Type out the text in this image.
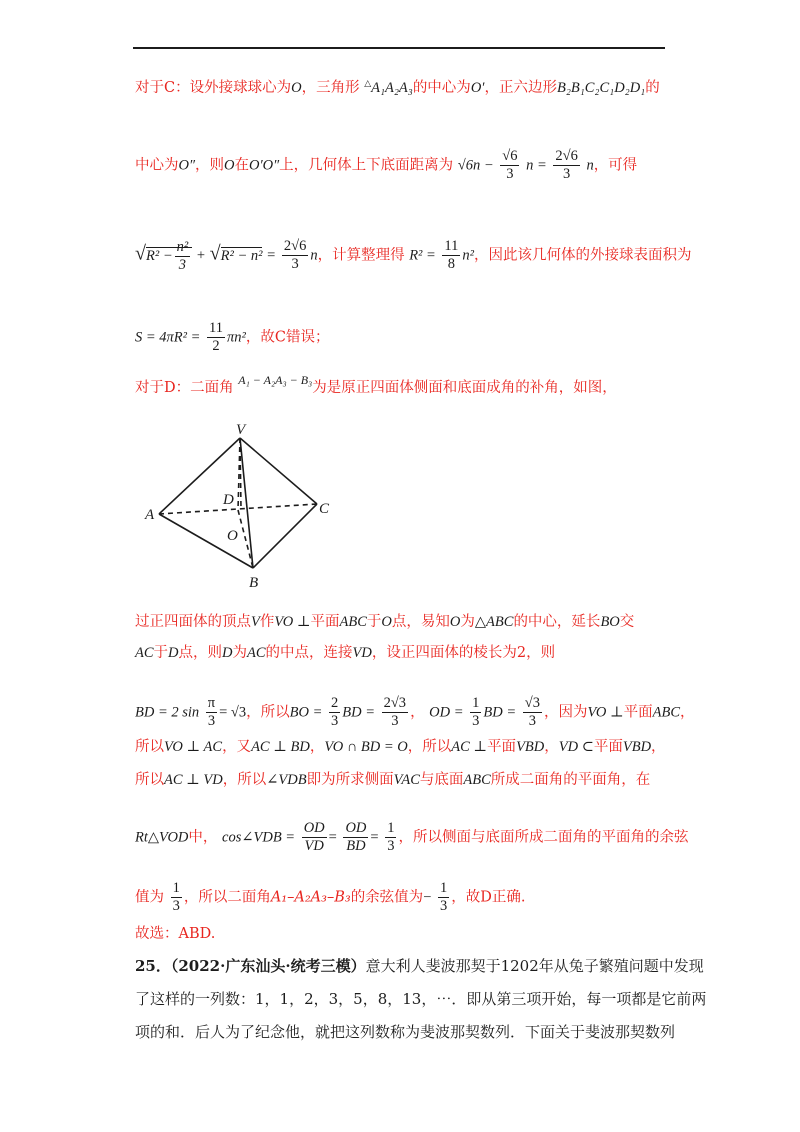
对于C：设外接球球心为O，三角形 △A₁A₂A₃的中心为O′，正六边形B₂B₁C₂C₁D₂D₁的
中心为O″，则O在O′O″上，几何体上下底面距离为 $√6n - \frac{√6}{3}$ $n = \frac{2√6}{3}$ n，可得
$√R^2 - \frac{\text{n²}}{3} + √R^2 - n^2 = \frac{2√6}{3}$ n，计算整理得 $R^2 = \frac{11}{8} n^2$，因此该几何体的外接球表面积为
$S = 4\pi R^2 = \frac{11}{2} \pi n^2$，故C错误；
对于D：二面角 $^{A_1 - A_2A_3 - B_3}$为是原正四面体侧面和底面成角的补角，如图，
V
A	C
B
D
O
过正四面体的顶点V作VO ⊥平面ABC于O点，易知O为△ABC的中心，延长BO交
AC于D点，则D为AC的中点，连接VD，设正四面体的棱长为2，则
BD = 2 $\sin \frac{\pi}{3} = √3$，所以BO = $\frac{2}{3}$ BD = $\frac{2√3}{3}$ ， OD = $\frac{1}{3}$ BD = $\frac{√3}{3}$ ，因为VO ⊥平面ABC，
所以VO ⊥ AC，又AC ⊥ BD，VO ∩ BD = O，所以AC ⊥平面VBD，VD ⊂平面VBD，
所以AC ⊥ VD，所以∠VDB即为所求侧面VAC与底面ABC所成二面角的平面角，在
Rt△VOD中， cos∠VDB = $\frac{OD}{VD} = \frac{OD}{BD} = \frac{1}{3}$ ，所以侧面与底面所成二面角的平面角的余弦
值为 $\frac{1}{3}$ ，所以二面角A₁–A₂A₃–B₃的余弦值为− $\frac{1}{3}$ ，故D正确.
故选：ABD.
25．（2022·广东汕头·统考三模）意大利人斐波那契于1202年从兔子繁殖问题中发现
了这样的一列数：1，1，2，3，5，8，13，⋯．即从第三项开始，每一项都是它前两
项的和．后人为了纪念他，就把这列数称为斐波那契数列．下面关于斐波那契数列
